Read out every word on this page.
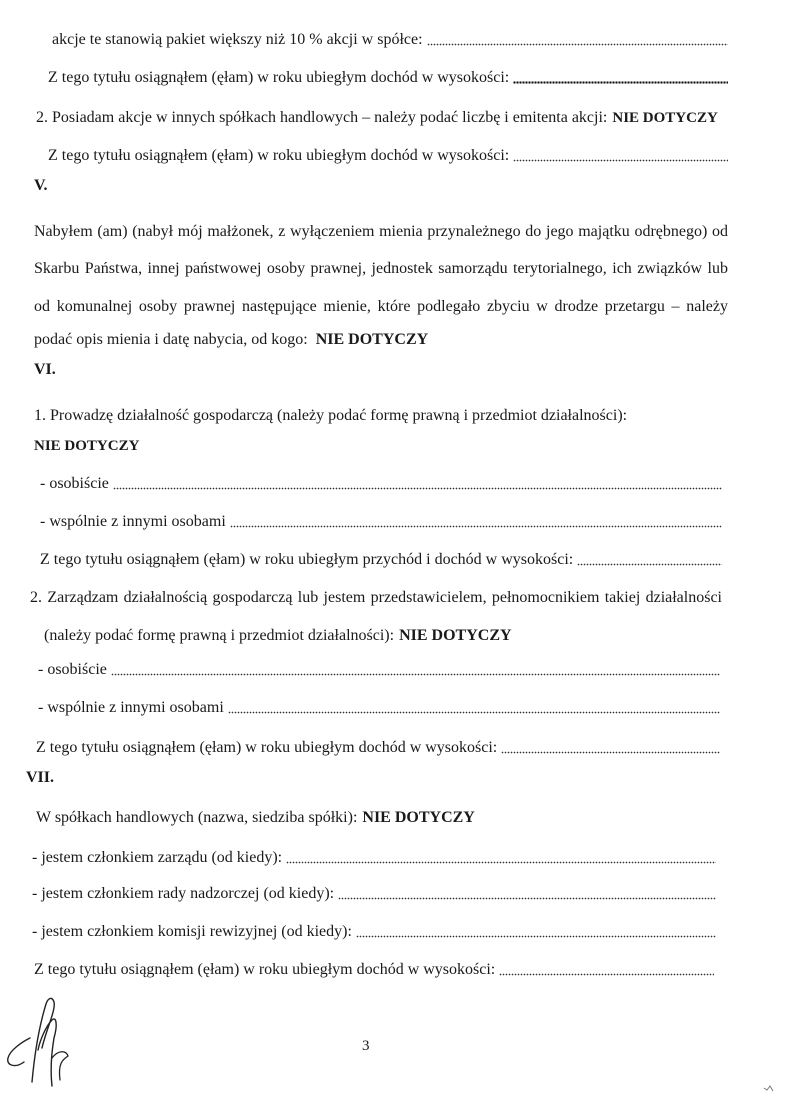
akcje te stanowią pakiet większy niż 10 % akcji w spółce:
Z tego tytułu osiągnąłem (ęłam) w roku ubiegłym dochód w wysokości:
2. Posiadam akcje w innych spółkach handlowych – należy podać liczbę i emitenta akcji: NIE DOTYCZY
Z tego tytułu osiągnąłem (ęłam) w roku ubiegłym dochód w wysokości:
V.
Nabyłem (am) (nabył mój małżonek, z wyłączeniem mienia przynależnego do jego majątku odrębnego) od
Skarbu Państwa, innej państwowej osoby prawnej, jednostek samorządu terytorialnego, ich związków lub
od komunalnej osoby prawnej następujące mienie, które podlegało zbyciu w drodze przetargu – należy
podać opis mienia i datę nabycia, od kogo: NIE DOTYCZY
VI.
1. Prowadzę działalność gospodarczą (należy podać formę prawną i przedmiot działalności):
NIE DOTYCZY
- osobiście
- wspólnie z innymi osobami
Z tego tytułu osiągnąłem (ęłam) w roku ubiegłym przychód i dochód w wysokości:
2. Zarządzam działalnością gospodarczą lub jestem przedstawicielem, pełnomocnikiem takiej działalności
(należy podać formę prawną i przedmiot działalności): NIE DOTYCZY
- osobiście
- wspólnie z innymi osobami
Z tego tytułu osiągnąłem (ęłam) w roku ubiegłym dochód w wysokości:
VII.
W spółkach handlowych (nazwa, siedziba spółki): NIE DOTYCZY
- jestem członkiem zarządu (od kiedy):
- jestem członkiem rady nadzorczej (od kiedy):
- jestem członkiem komisji rewizyjnej (od kiedy):
Z tego tytułu osiągnąłem (ęłam) w roku ubiegłym dochód w wysokości:
3
